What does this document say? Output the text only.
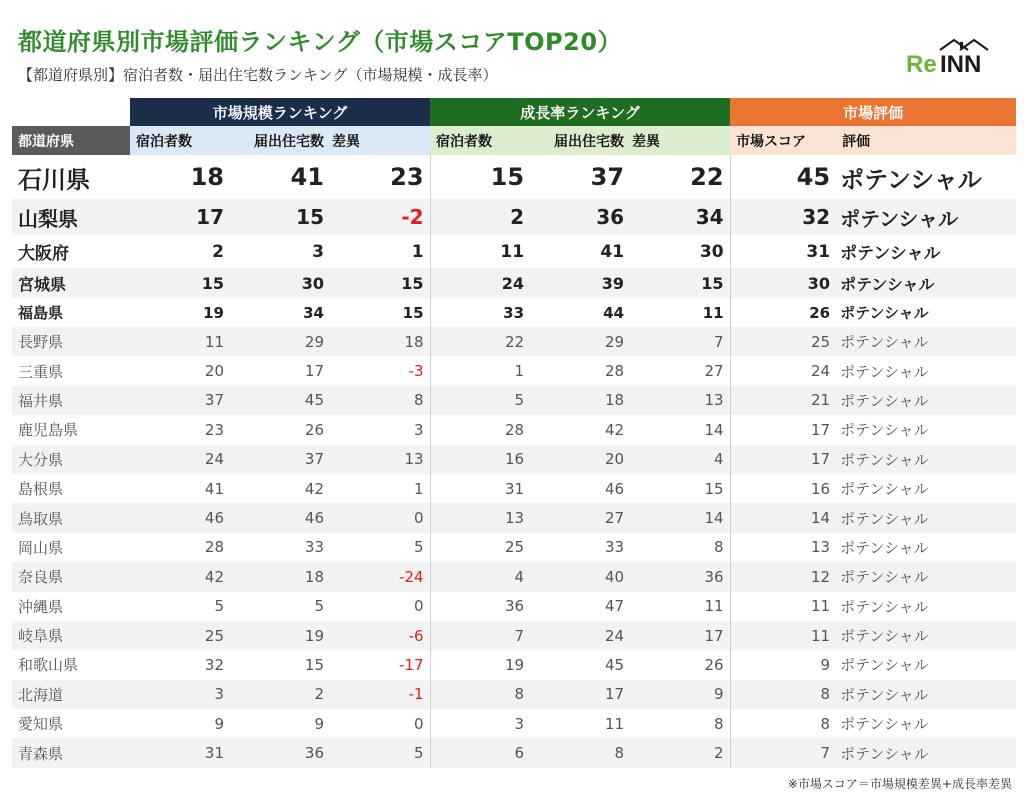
都道府県別市場評価ランキング（市場スコアTOP20）
【都道府県別】宿泊者数・届出住宅数ランキング（市場規模・成長率）	Re INN
	市場規模ランキング			成長率ランキング			市場評価	
都道府県	宿泊者数	届出住宅数	差異	宿泊者数	届出住宅数	差異	市場スコア	評価
石川県	18	41	23	15	37	22	45	ポテンシャル
山梨県	17	15	-2	2	36	34	32	ポテンシャル
大阪府	2	3	1	11	41	30	31	ポテンシャル
宮城県	15	30	15	24	39	15	30	ポテンシャル
福島県	19	34	15	33	44	11	26	ポテンシャル
長野県	11	29	18	22	29	7	25	ポテンシャル
三重県	20	17	-3	1	28	27	24	ポテンシャル
福井県	37	45	8	5	18	13	21	ポテンシャル
鹿児島県	23	26	3	28	42	14	17	ポテンシャル
大分県	24	37	13	16	20	4	17	ポテンシャル
島根県	41	42	1	31	46	15	16	ポテンシャル
鳥取県	46	46	0	13	27	14	14	ポテンシャル
岡山県	28	33	5	25	33	8	13	ポテンシャル
奈良県	42	18	-24	4	40	36	12	ポテンシャル
沖縄県	5	5	0	36	47	11	11	ポテンシャル
岐阜県	25	19	-6	7	24	17	11	ポテンシャル
和歌山県	32	15	-17	19	45	26	9	ポテンシャル
北海道	3	2	-1	8	17	9	8	ポテンシャル
愛知県	9	9	0	3	11	8	8	ポテンシャル
青森県	31	36	5	6	8	2	7	ポテンシャル
※市場スコア＝市場規模差異+成長率差異
